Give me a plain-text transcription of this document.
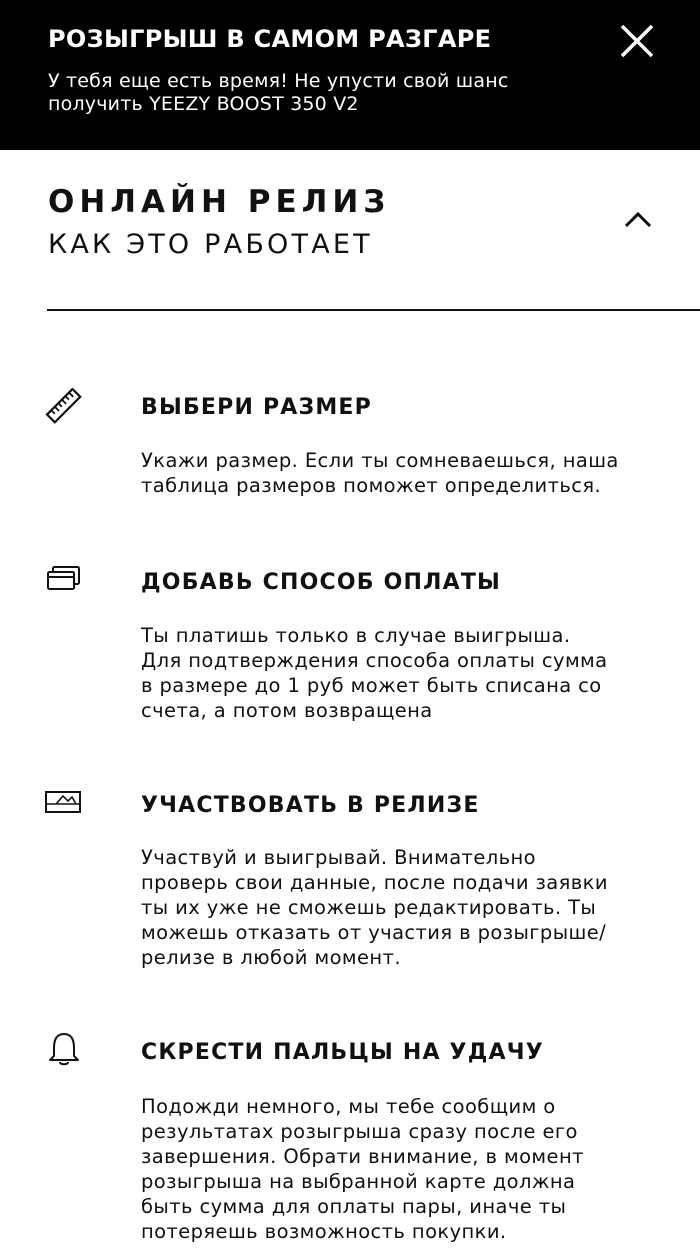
РОЗЫГРЫШ В САМОМ РАЗГАРЕ
У тебя еще есть время! Не упусти свой шанс получить YEEZY BOOST 350 V2
ОНЛАЙН РЕЛИЗ
КАК ЭТО РАБОТАЕТ
ВЫБЕРИ РАЗМЕР
Укажи размер. Если ты сомневаешься, наша
таблица размеров поможет определиться.
ДОБАВЬ СПОСОБ ОПЛАТЫ
Ты платишь только в случае выигрыша.
Для подтверждения способа оплаты сумма
в размере до 1 руб может быть списана со
счета, а потом возвращена
УЧАСТВОВАТЬ В РЕЛИЗЕ
Участвуй и выигрывай. Внимательно
проверь свои данные, после подачи заявки
ты их уже не сможешь редактировать. Ты
можешь отказать от участия в розыгрыше/
релизе в любой момент.
СКРЕСТИ ПАЛЬЦЫ НА УДАЧУ
Подожди немного, мы тебе сообщим о
результатах розыгрыша сразу после его
завершения. Обрати внимание, в момент
розыгрыша на выбранной карте должна
быть сумма для оплаты пары, иначе ты
потеряешь возможность покупки.
